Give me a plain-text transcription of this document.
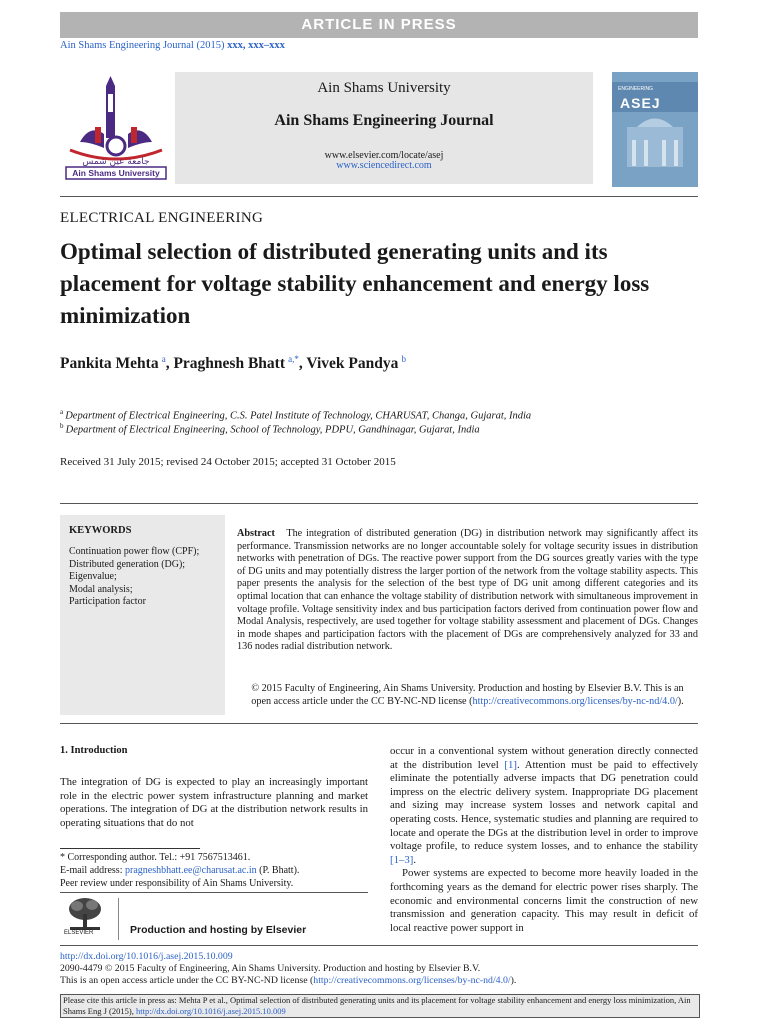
ARTICLE IN PRESS
Ain Shams Engineering Journal (2015) xxx, xxx–xxx
جامعة عين شمس
Ain Shams University
Ain Shams University
Ain Shams Engineering Journal
www.elsevier.com/locate/asej
www.sciencedirect.com
ENGINEERING
ASEJ
ELECTRICAL ENGINEERING
Optimal selection of distributed generating units and its placement for voltage stability enhancement and energy loss minimization
Pankita Mehta  $^a$, Praghnesh Bhatt  $^{a,*}$, Vivek Pandya  $^b$
$^a$  Department of Electrical Engineering, C.S. Patel Institute of Technology, CHARUSAT, Changa, Gujarat, India
$^b$  Department of Electrical Engineering, School of Technology, PDPU, Gandhinagar, Gujarat, India
Received 31 July 2015; revised 24 October 2015; accepted 31 October 2015
KEYWORDS
Continuation power flow (CPF);
Distributed generation (DG);
Eigenvalue;
Modal analysis;
Participation factor
Abstract The integration of distributed generation (DG) in distribution network may significantly affect its performance. Transmission networks are no longer accountable solely for voltage security issues in distribution networks with penetration of DGs. The reactive power support from the DG sources greatly varies with the type of DG units and may potentially distress the larger portion of the network from the voltage stability aspects. This paper presents the analysis for the selection of the best type of DG unit among different categories and its optimal location that can enhance the voltage stability of distribution network with simultaneous improvement in voltage profile. Voltage sensitivity index and bus participation factors derived from continuation power flow and Modal Analysis, respectively, are used together for voltage stability assessment and placement of DGs. Changes in mode shapes and participation factors with the placement of DGs are comprehensively analyzed for 33 and 136 nodes radial distribution network.
© 2015 Faculty of Engineering, Ain Shams University. Production and hosting by Elsevier B.V. This is an
open access article under the CC BY-NC-ND license (http://creativecommons.org/licenses/by-nc-nd/4.0/).
1. Introduction

The integration of DG is expected to play an increasingly important role in the electric power system infrastructure planning and market operations. The integration of DG at the distribution network results in operating situations that do not

occur in a conventional system without generation directly connected at the distribution level [1]. Attention must be paid to effectively eliminate the potentially adverse impacts that DG penetration could impress on the electric delivery system. Inappropriate DG placement and sizing may increase system losses and network capital and operating costs. Hence, systematic studies and planning are required to locate and operate the DGs at the distribution level in order to improve voltage profile, to reduce system losses, and to enhance the stability [1–3].

Power systems are expected to become more heavily loaded in the forthcoming years as the demand for electric power rises sharply. The economic and environmental concerns limit the construction of new transmission and generation capacity. This may result in deficit of local reactive power support in

* Corresponding author. Tel.: +91 7567513461.
E-mail address: pragneshbhatt.ee@charusat.ac.in (P. Bhatt).
Peer review under responsibility of Ain Shams University.
ELSEVIER	Production and hosting by Elsevier
http://dx.doi.org/10.1016/j.asej.2015.10.009
2090-4479 © 2015 Faculty of Engineering, Ain Shams University. Production and hosting by Elsevier B.V.
This is an open access article under the CC BY-NC-ND license (http://creativecommons.org/licenses/by-nc-nd/4.0/).
Please cite this article in press as: Mehta P et al., Optimal selection of distributed generating units and its placement for voltage stability enhancement and energy loss minimization, Ain Shams Eng J (2015), http://dx.doi.org/10.1016/j.asej.2015.10.009
